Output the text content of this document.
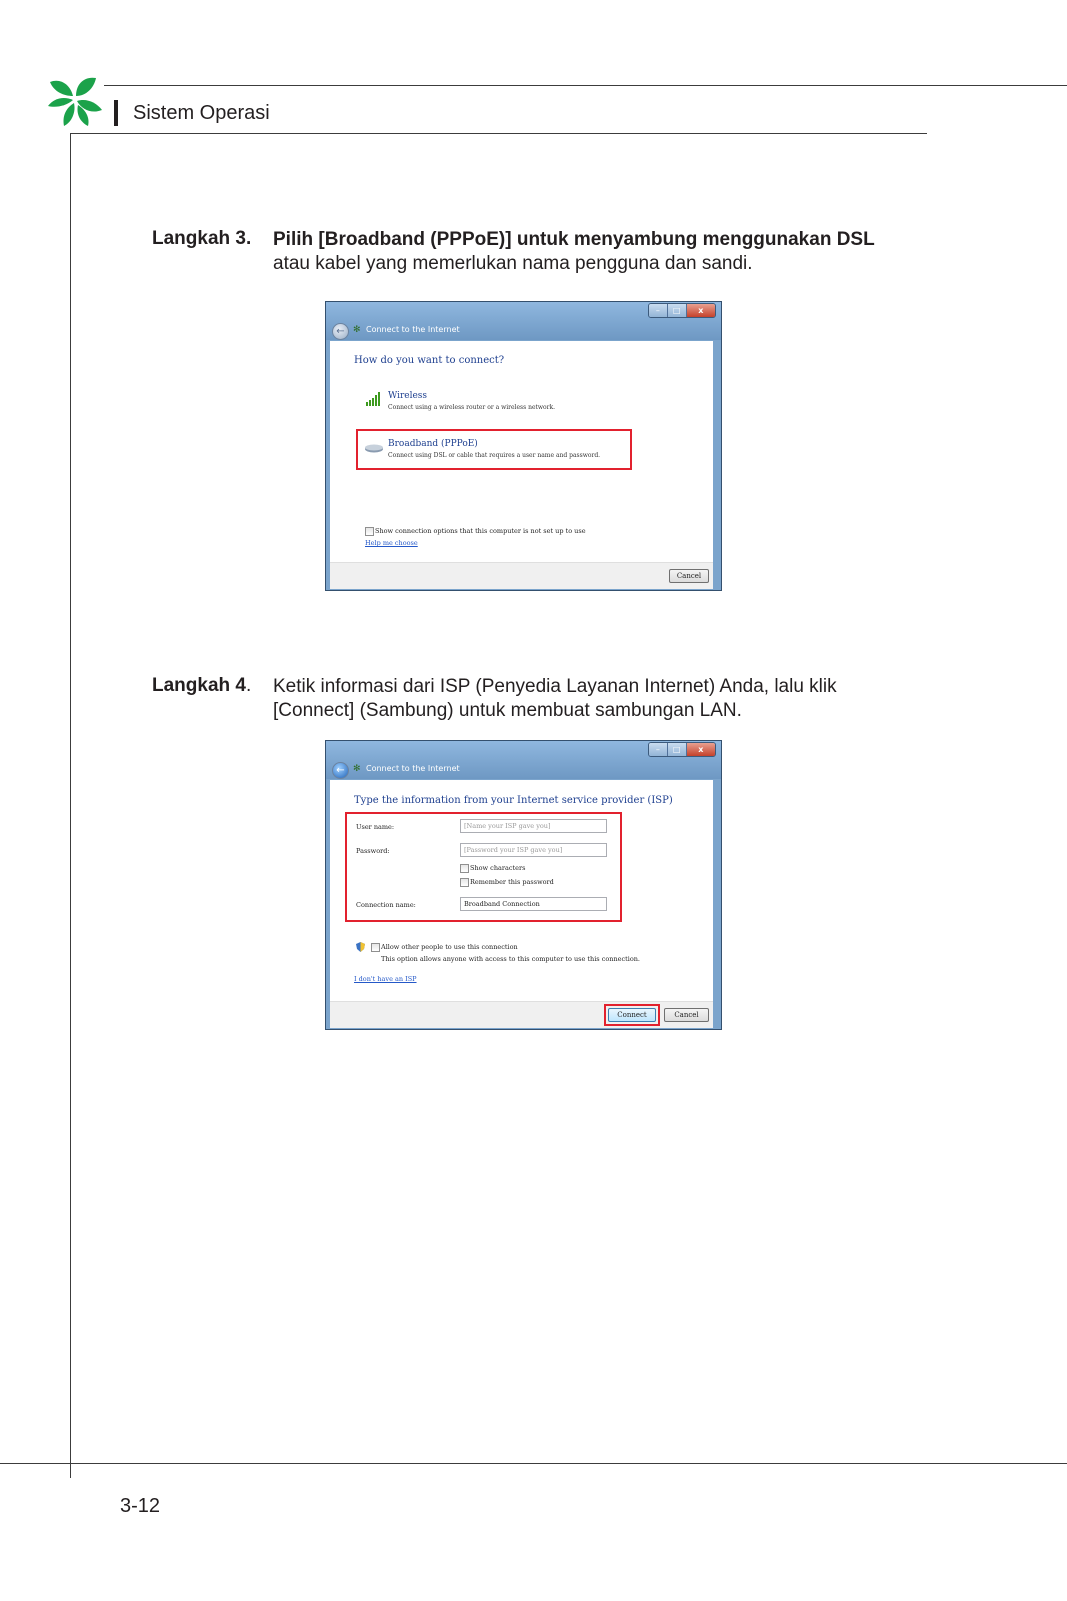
Sistem Operasi
Langkah 3. Pilih [Broadband (PPPoE)] untuk menyambung menggunakan DSL
atau kabel yang memerlukan nama pengguna dan sandi.
–	□	x
← ✻ Connect to the Internet
How do you want to connect?
Wireless
Connect using a wireless router or a wireless network.
Broadband (PPPoE)
Connect using DSL or cable that requires a user name and password.
Show connection options that this computer is not set up to use
Help me choose
Cancel
Langkah 4. Ketik informasi dari ISP (Penyedia Layanan Internet) Anda, lalu klik
[Connect] (Sambung) untuk membuat sambungan LAN.
–	□	x
← ✻ Connect to the Internet
Type the information from your Internet service provider (ISP)
User name:	[Name your ISP gave you]
Password:	[Password your ISP gave you]
Show characters
Remember this password
Connection name:	Broadband Connection
Allow other people to use this connection
This option allows anyone with access to this computer to use this connection.
I don't have an ISP
Connect	Cancel
3-12
